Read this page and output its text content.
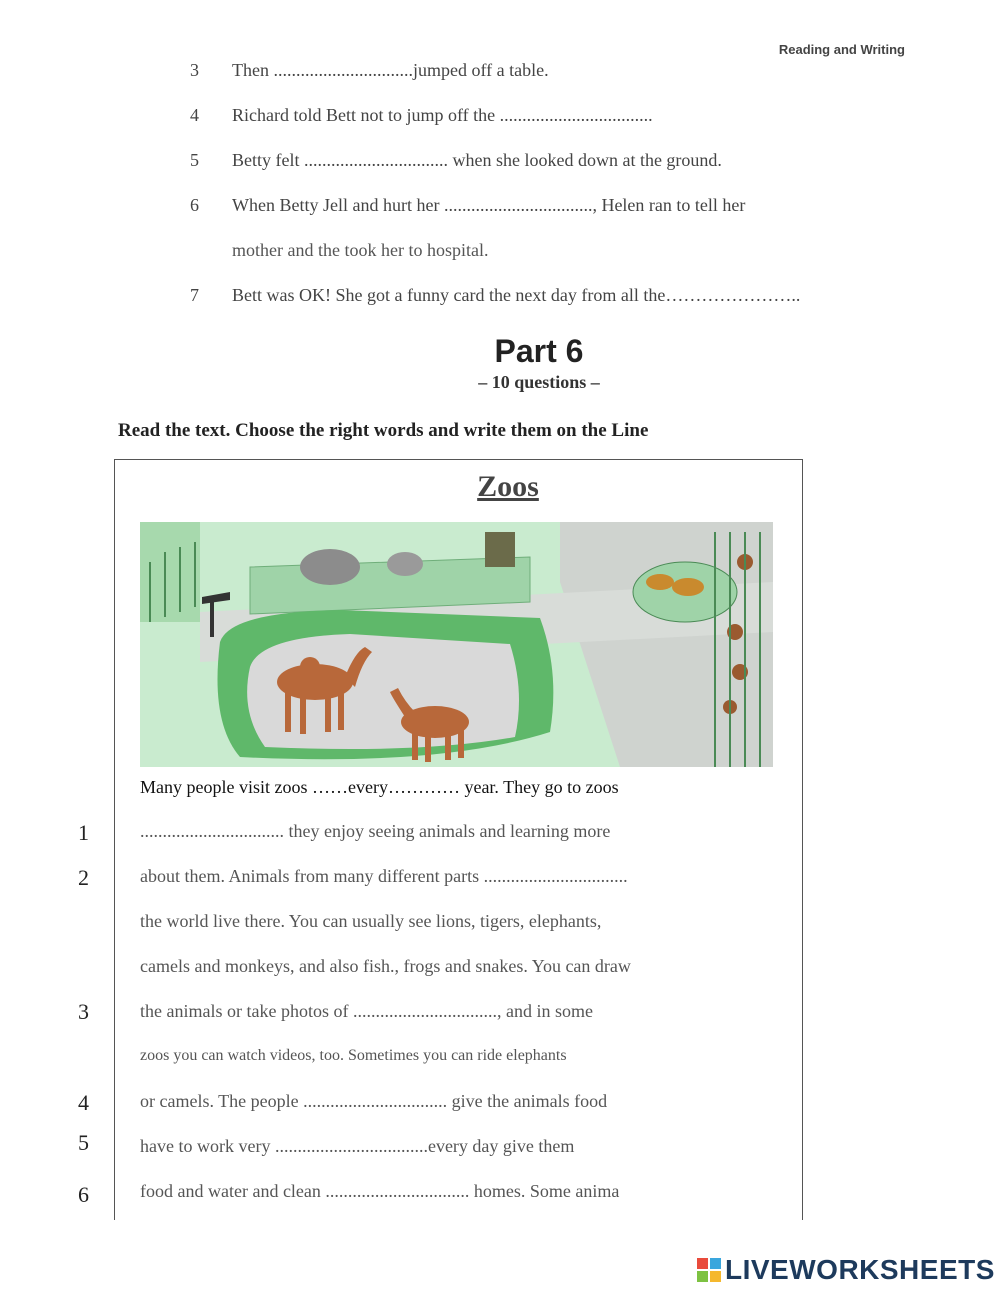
Reading and Writing
3 Then ...............................jumped off a table.
4 Richard told Bett not to jump off the ..................................
5 Betty felt ................................ when she looked down at the ground.
6 When Betty Jell and hurt her ................................., Helen ran to tell her
mother and the took her to hospital.
7 Bett was OK! She got a funny card the next day from all the…………………..
Part 6
– 10 questions –
Read the text. Choose the right words and write them on the Line
Zoos
Many people visit zoos ……every………… year. They go to zoos
................................ they enjoy seeing animals and learning more
about them. Animals from many different parts ................................
the world live there. You can usually see lions, tigers, elephants,
camels and monkeys, and also fish., frogs and snakes. You can draw
the animals or take photos of ................................, and in some
zoos you can watch videos, too. Sometimes you can ride elephants
or camels. The people ................................ give the animals food
have to work very ..................................every day give them
food and water and clean ................................ homes. Some anima
1
2
3
4
5
6
LIVEWORKSHEETS
